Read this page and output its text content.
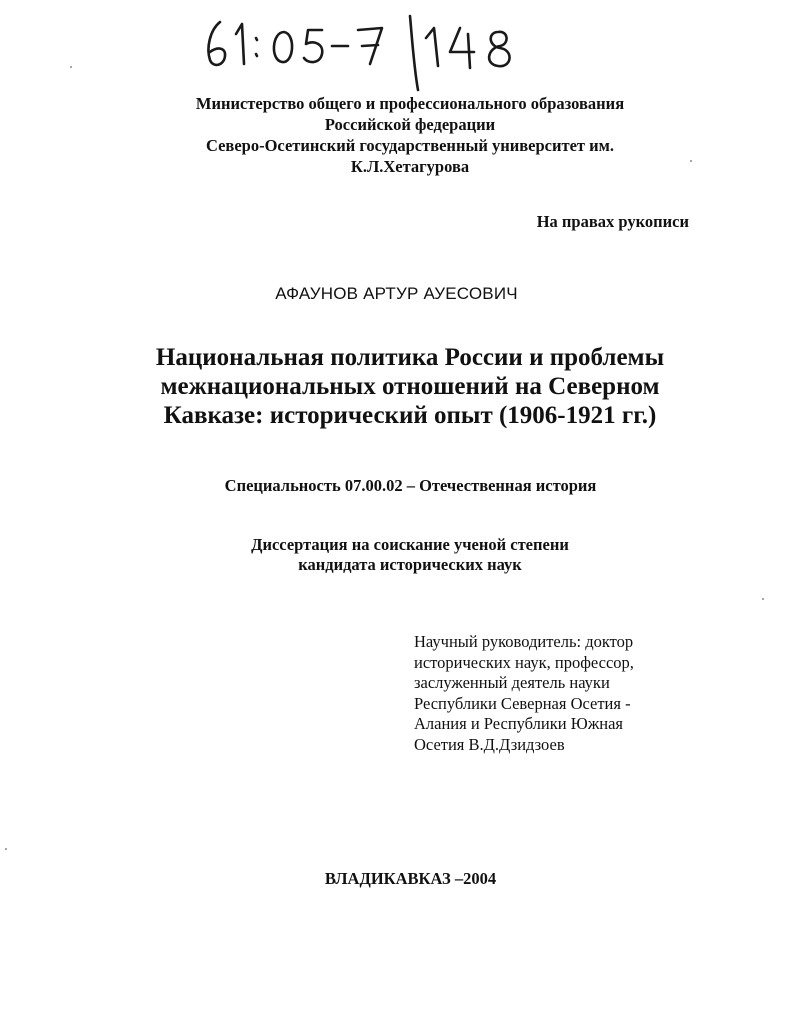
Министерство общего и профессионального образования
Российской федерации
Северо-Осетинский государственный университет им.
К.Л.Хетагурова
На правах рукописи
АФАУНОВ АРТУР АУЕСОВИЧ
Национальная политика России и проблемы
межнациональных отношений на Северном
Кавказе: исторический опыт (1906-1921 гг.)
Специальность 07.00.02 – Отечественная история
Диссертация на соискание ученой степени
кандидата исторических наук
Научный руководитель: доктор
исторических наук, профессор,
заслуженный деятель науки
Республики Северная Осетия -
Алания и Республики Южная
Осетия В.Д.Дзидзоев
ВЛАДИКАВКАЗ –2004
